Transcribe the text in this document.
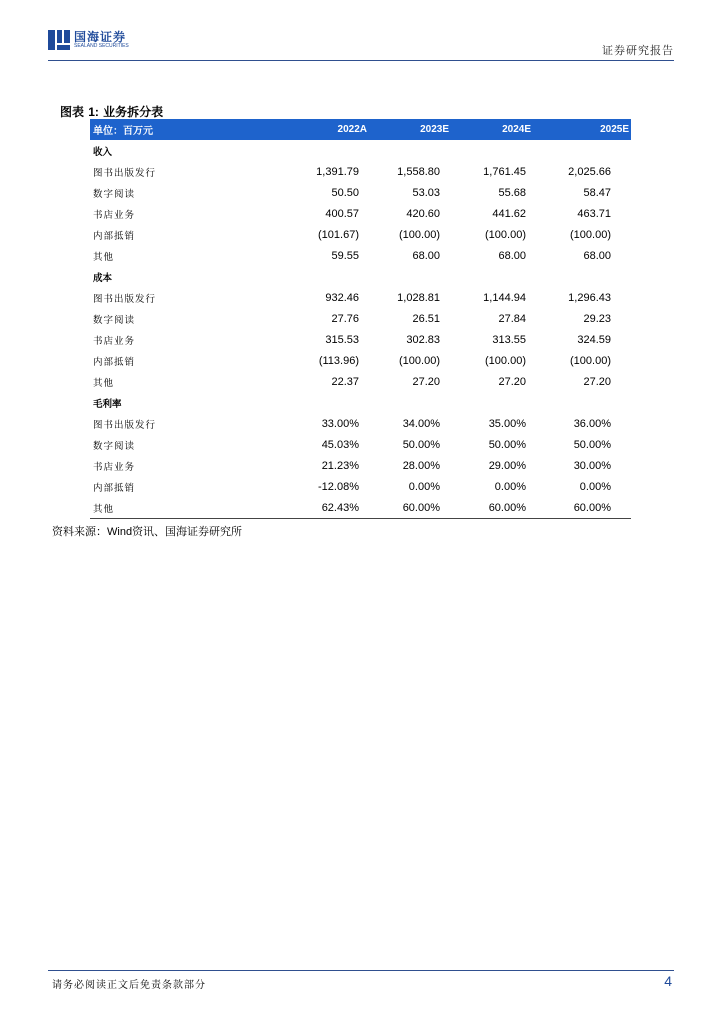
国海证券
SEALAND SECURITIES	证券研究报告
图表 1: 业务拆分表
单位：百万元	2022A	2023E	2024E	2025E
收入				
图书出版发行	1,391.79	1,558.80	1,761.45	2,025.66
数字阅读	50.50	53.03	55.68	58.47
书店业务	400.57	420.60	441.62	463.71
内部抵销	(101.67)	(100.00)	(100.00)	(100.00)
其他	59.55	68.00	68.00	68.00
成本				
图书出版发行	932.46	1,028.81	1,144.94	1,296.43
数字阅读	27.76	26.51	27.84	29.23
书店业务	315.53	302.83	313.55	324.59
内部抵销	(113.96)	(100.00)	(100.00)	(100.00)
其他	22.37	27.20	27.20	27.20
毛利率				
图书出版发行	33.00%	34.00%	35.00%	36.00%
数字阅读	45.03%	50.00%	50.00%	50.00%
书店业务	21.23%	28.00%	29.00%	30.00%
内部抵销	-12.08%	0.00%	0.00%	0.00%
其他	62.43%	60.00%	60.00%	60.00%
资料来源：Wind资讯、国海证券研究所
请务必阅读正文后免责条款部分	4
